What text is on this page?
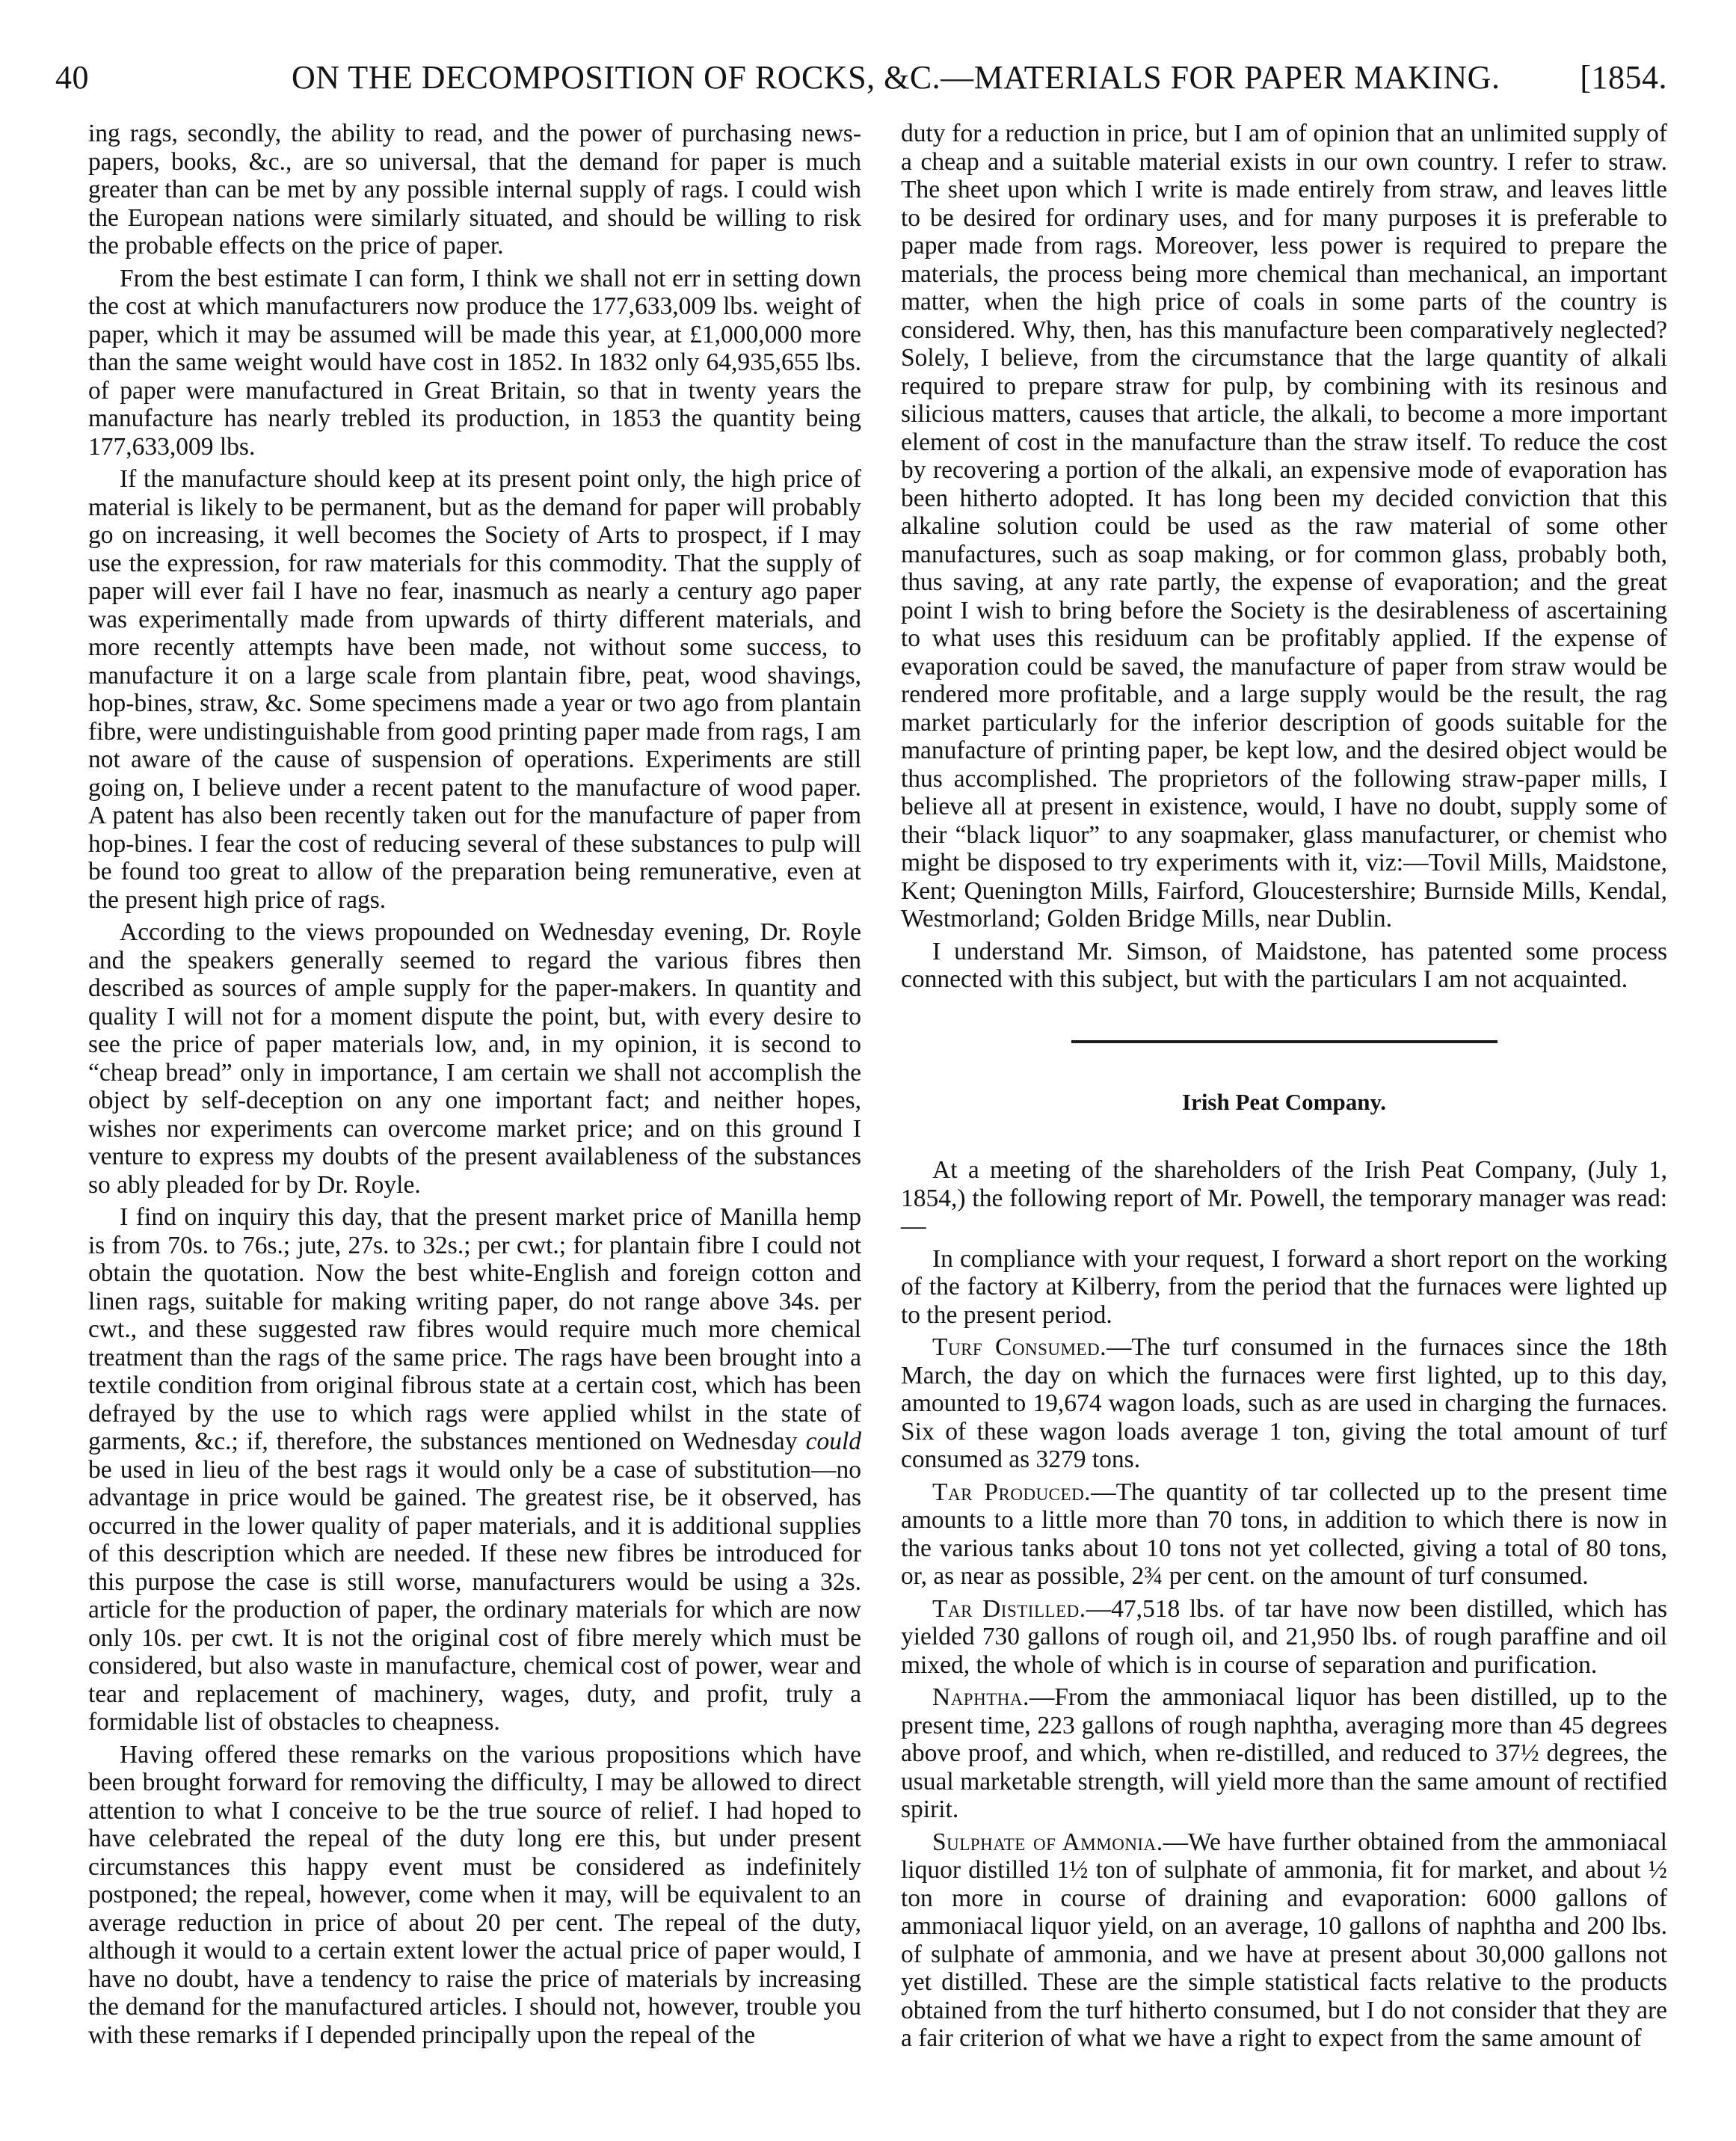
40	ON THE DECOMPOSITION OF ROCKS, &C.—MATERIALS FOR PAPER MAKING. [1854.

ing rags, secondly, the ability to read, and the power of purchasing news-papers, books, &c., are so universal, that the demand for paper is much greater than can be met by any possible internal supply of rags. I could wish the European nations were similarly situated, and should be willing to risk the probable effects on the price of paper.

From the best estimate I can form, I think we shall not err in setting down the cost at which manufacturers now produce the 177,633,009 lbs. weight of paper, which it may be assumed will be made this year, at £1,000,000 more than the same weight would have cost in 1852. In 1832 only 64,935,655 lbs. of paper were manufactured in Great Britain, so that in twenty years the manufacture has nearly trebled its production, in 1853 the quantity being 177,633,009 lbs.

If the manufacture should keep at its present point only, the high price of material is likely to be permanent, but as the demand for paper will probably go on increasing, it well becomes the Society of Arts to prospect, if I may use the expression, for raw materials for this commodity. That the supply of paper will ever fail I have no fear, inasmuch as nearly a century ago paper was experimentally made from upwards of thirty different materials, and more recently attempts have been made, not without some success, to manufacture it on a large scale from plantain fibre, peat, wood shavings, hop-bines, straw, &c. Some specimens made a year or two ago from plantain fibre, were undistinguishable from good printing paper made from rags, I am not aware of the cause of suspension of operations. Experiments are still going on, I believe under a recent patent to the manufacture of wood paper. A patent has also been recently taken out for the manufacture of paper from hop-bines. I fear the cost of reducing several of these substances to pulp will be found too great to allow of the preparation being remunerative, even at the present high price of rags.

According to the views propounded on Wednesday evening, Dr. Royle and the speakers generally seemed to regard the various fibres then described as sources of ample supply for the paper-makers. In quantity and quality I will not for a moment dispute the point, but, with every desire to see the price of paper materials low, and, in my opinion, it is second to “cheap bread” only in importance, I am certain we shall not accomplish the object by self-deception on any one important fact; and neither hopes, wishes nor experiments can overcome market price; and on this ground I venture to express my doubts of the present availableness of the substances so ably pleaded for by Dr. Royle.

I find on inquiry this day, that the present market price of Manilla hemp is from 70s. to 76s.; jute, 27s. to 32s.; per cwt.; for plantain fibre I could not obtain the quotation. Now the best white-English and foreign cotton and linen rags, suitable for making writing paper, do not range above 34s. per cwt., and these suggested raw fibres would require much more chemical treatment than the rags of the same price. The rags have been brought into a textile condition from original fibrous state at a certain cost, which has been defrayed by the use to which rags were applied whilst in the state of garments, &c.; if, therefore, the substances mentioned on Wednesday could be used in lieu of the best rags it would only be a case of substitution—no advantage in price would be gained. The greatest rise, be it observed, has occurred in the lower quality of paper materials, and it is additional supplies of this description which are needed. If these new fibres be introduced for this purpose the case is still worse, manufacturers would be using a 32s. article for the production of paper, the ordinary materials for which are now only 10s. per cwt. It is not the original cost of fibre merely which must be considered, but also waste in manufacture, chemical cost of power, wear and tear and replacement of machinery, wages, duty, and profit, truly a formidable list of obstacles to cheapness.

Having offered these remarks on the various propositions which have been brought forward for removing the difficulty, I may be allowed to direct attention to what I conceive to be the true source of relief. I had hoped to have celebrated the repeal of the duty long ere this, but under present circumstances this happy event must be considered as indefinitely postponed; the repeal, however, come when it may, will be equivalent to an average reduction in price of about 20 per cent. The repeal of the duty, although it would to a certain extent lower the actual price of paper would, I have no doubt, have a tendency to raise the price of materials by increasing the demand for the manufactured articles. I should not, however, trouble you with these remarks if I depended principally upon the repeal of the

duty for a reduction in price, but I am of opinion that an unlimited supply of a cheap and a suitable material exists in our own country. I refer to straw. The sheet upon which I write is made entirely from straw, and leaves little to be desired for ordinary uses, and for many purposes it is preferable to paper made from rags. Moreover, less power is required to prepare the materials, the process being more chemical than mechanical, an important matter, when the high price of coals in some parts of the country is considered. Why, then, has this manufacture been comparatively neglected? Solely, I believe, from the circumstance that the large quantity of alkali required to prepare straw for pulp, by combining with its resinous and silicious matters, causes that article, the alkali, to become a more important element of cost in the manufacture than the straw itself. To reduce the cost by recovering a portion of the alkali, an expensive mode of evaporation has been hitherto adopted. It has long been my decided conviction that this alkaline solution could be used as the raw material of some other manufactures, such as soap making, or for common glass, probably both, thus saving, at any rate partly, the expense of evaporation; and the great point I wish to bring before the Society is the desirableness of ascertaining to what uses this residuum can be profitably applied. If the expense of evaporation could be saved, the manufacture of paper from straw would be rendered more profitable, and a large supply would be the result, the rag market particularly for the inferior description of goods suitable for the manufacture of printing paper, be kept low, and the desired object would be thus accomplished. The proprietors of the following straw-paper mills, I believe all at present in existence, would, I have no doubt, supply some of their “black liquor” to any soapmaker, glass manufacturer, or chemist who might be disposed to try experiments with it, viz:—Tovil Mills, Maidstone, Kent; Quenington Mills, Fairford, Gloucestershire; Burnside Mills, Kendal, Westmorland; Golden Bridge Mills, near Dublin.

I understand Mr. Simson, of Maidstone, has patented some process connected with this subject, but with the particulars I am not acquainted.

Irish Peat Company.

At a meeting of the shareholders of the Irish Peat Company, (July 1, 1854,) the following report of Mr. Powell, the temporary manager was read:—

In compliance with your request, I forward a short report on the working of the factory at Kilberry, from the period that the furnaces were lighted up to the present period.

Turf Consumed.—The turf consumed in the furnaces since the 18th March, the day on which the furnaces were first lighted, up to this day, amounted to 19,674 wagon loads, such as are used in charging the furnaces. Six of these wagon loads average 1 ton, giving the total amount of turf consumed as 3279 tons.

Tar Produced.—The quantity of tar collected up to the present time amounts to a little more than 70 tons, in addition to which there is now in the various tanks about 10 tons not yet collected, giving a total of 80 tons, or, as near as possible, 2¾ per cent. on the amount of turf consumed.

Tar Distilled.—47,518 lbs. of tar have now been distilled, which has yielded 730 gallons of rough oil, and 21,950 lbs. of rough paraffine and oil mixed, the whole of which is in course of separation and purification.

Naphtha.—From the ammoniacal liquor has been distilled, up to the present time, 223 gallons of rough naphtha, averaging more than 45 degrees above proof, and which, when re-distilled, and reduced to 37½ degrees, the usual marketable strength, will yield more than the same amount of rectified spirit.

Sulphate of Ammonia.—We have further obtained from the ammoniacal liquor distilled 1½ ton of sulphate of ammonia, fit for market, and about ½ ton more in course of draining and evaporation: 6000 gallons of ammoniacal liquor yield, on an average, 10 gallons of naphtha and 200 lbs. of sulphate of ammonia, and we have at present about 30,000 gallons not yet distilled. These are the simple statistical facts relative to the products obtained from the turf hitherto consumed, but I do not consider that they are a fair criterion of what we have a right to expect from the same amount of
